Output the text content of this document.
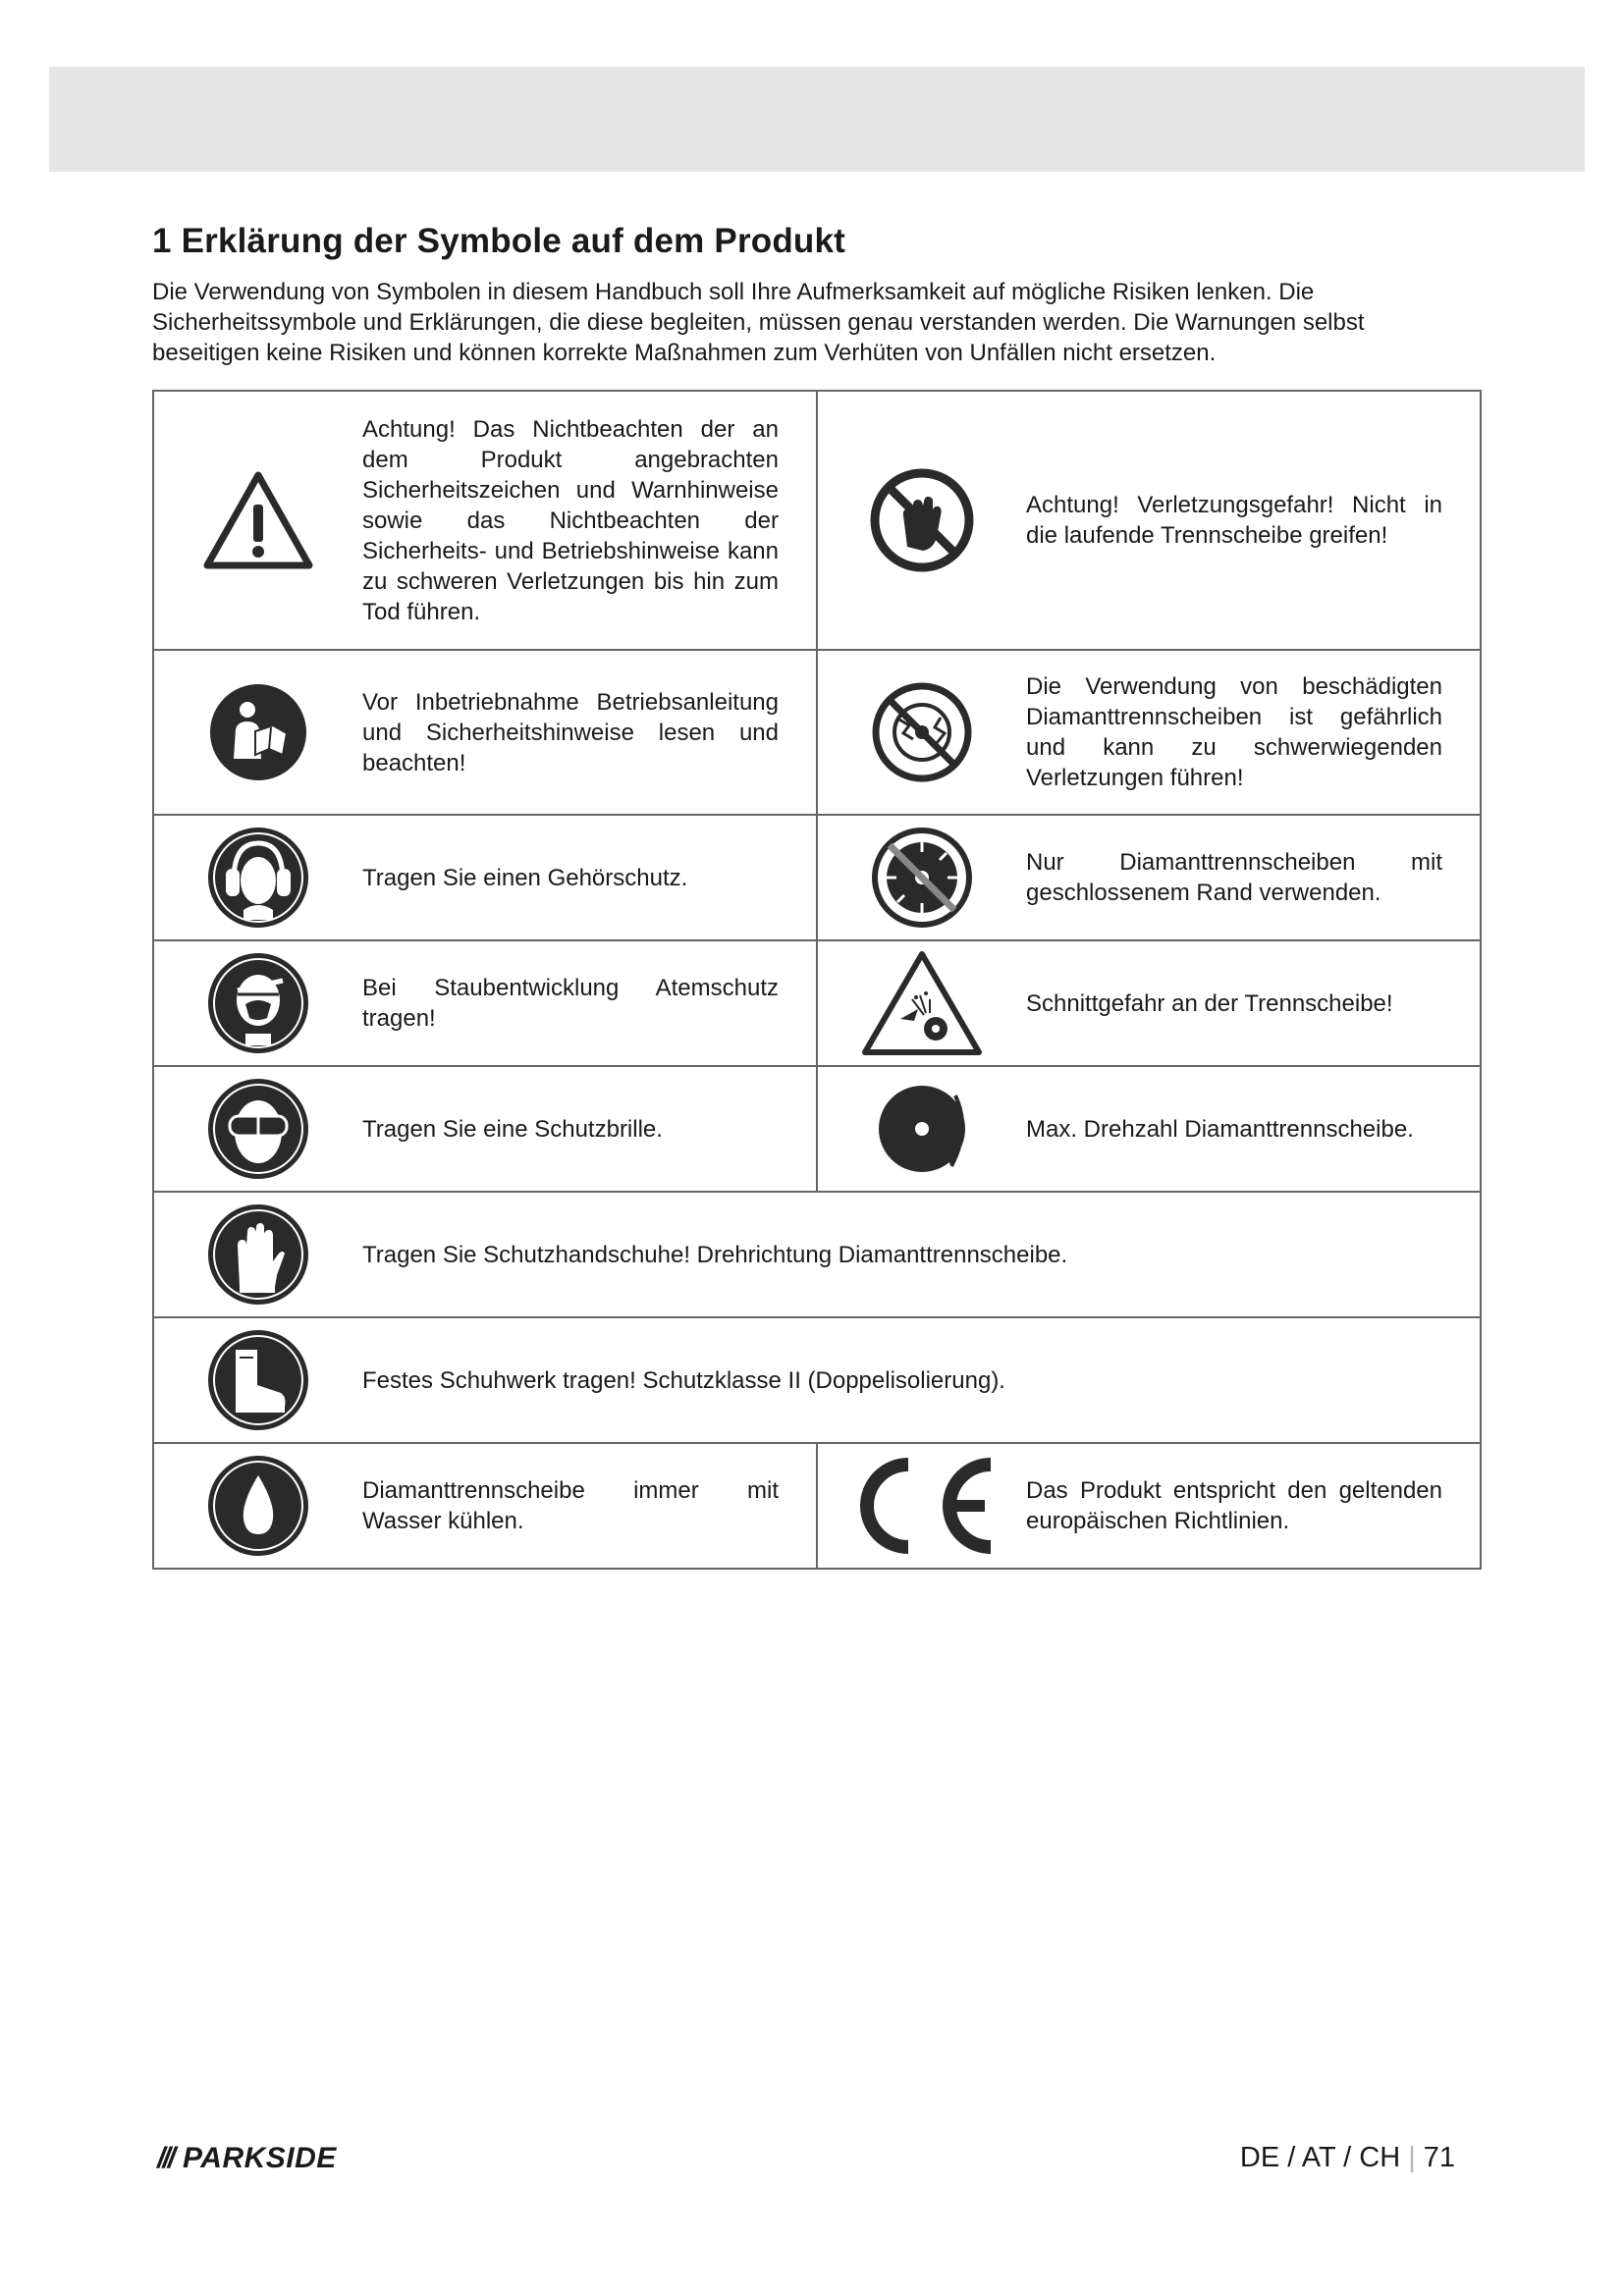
1 Erklärung der Symbole auf dem Produkt

Die Verwendung von Symbolen in diesem Handbuch soll Ihre Aufmerksamkeit auf mögliche Risiken lenken. Die Sicherheitssymbole und Erklärungen, die diese begleiten, müssen genau verstanden werden. Die Warnungen selbst beseitigen keine Risiken und können korrekte Maßnahmen zum Verhüten von Unfällen nicht ersetzen.

Achtung! Das Nichtbeachten der an dem Produkt angebrachten Sicherheitszeichen und Warnhinweise sowie das Nichtbeachten der Sicherheits- und Betriebshinweise kann zu schweren Verletzungen bis hin zum Tod führen.	Achtung! Verletzungsgefahr! Nicht in die laufende Trennscheibe greifen!

Vor Inbetriebnahme Betriebsanleitung und Sicherheitshinweise lesen und beachten!	Die Verwendung von beschädigten Diamanttrennscheiben ist gefährlich und kann zu schwerwiegenden Verletzungen führen!

Tragen Sie einen Gehörschutz.	Nur Diamanttrennscheiben mit geschlossenem Rand verwenden.

Bei Staubentwicklung Atemschutz tragen!	Schnittgefahr an der Trennscheibe!

Tragen Sie eine Schutzbrille.	Max. Drehzahl Diamanttrennscheibe.

Tragen Sie Schutzhandschuhe! Drehrichtung Diamanttrennscheibe.	

Festes Schuhwerk tragen! Schutzklasse II (Doppelisolierung).	

Diamanttrennscheibe immer mit Wasser kühlen.	Das Produkt entspricht den geltenden europäischen Richtlinien.
/// PARKSIDE	DE / AT / CH | 71
